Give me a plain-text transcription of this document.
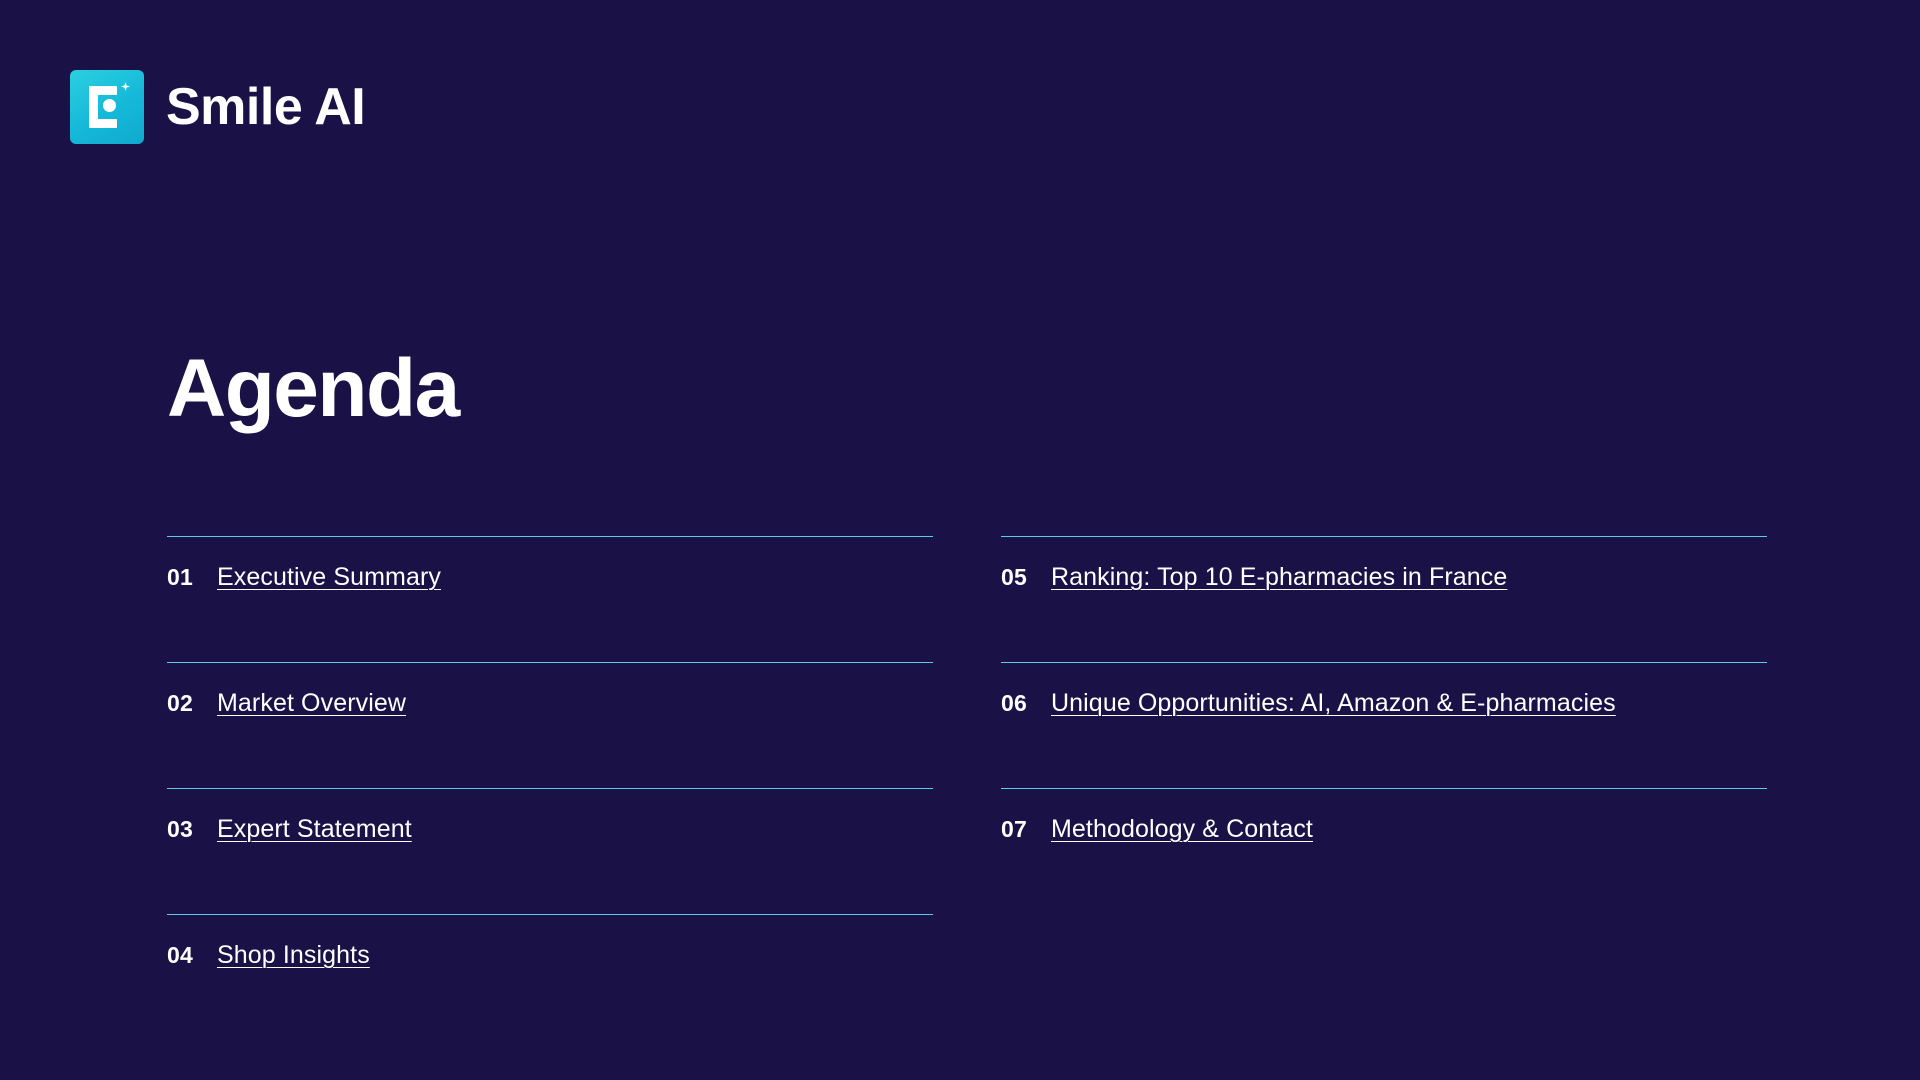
Smile AI
Agenda
01 Executive Summary
02 Market Overview
03 Expert Statement
04 Shop Insights
05 Ranking: Top 10 E-pharmacies in France
06 Unique Opportunities: AI, Amazon & E-pharmacies
07 Methodology & Contact
